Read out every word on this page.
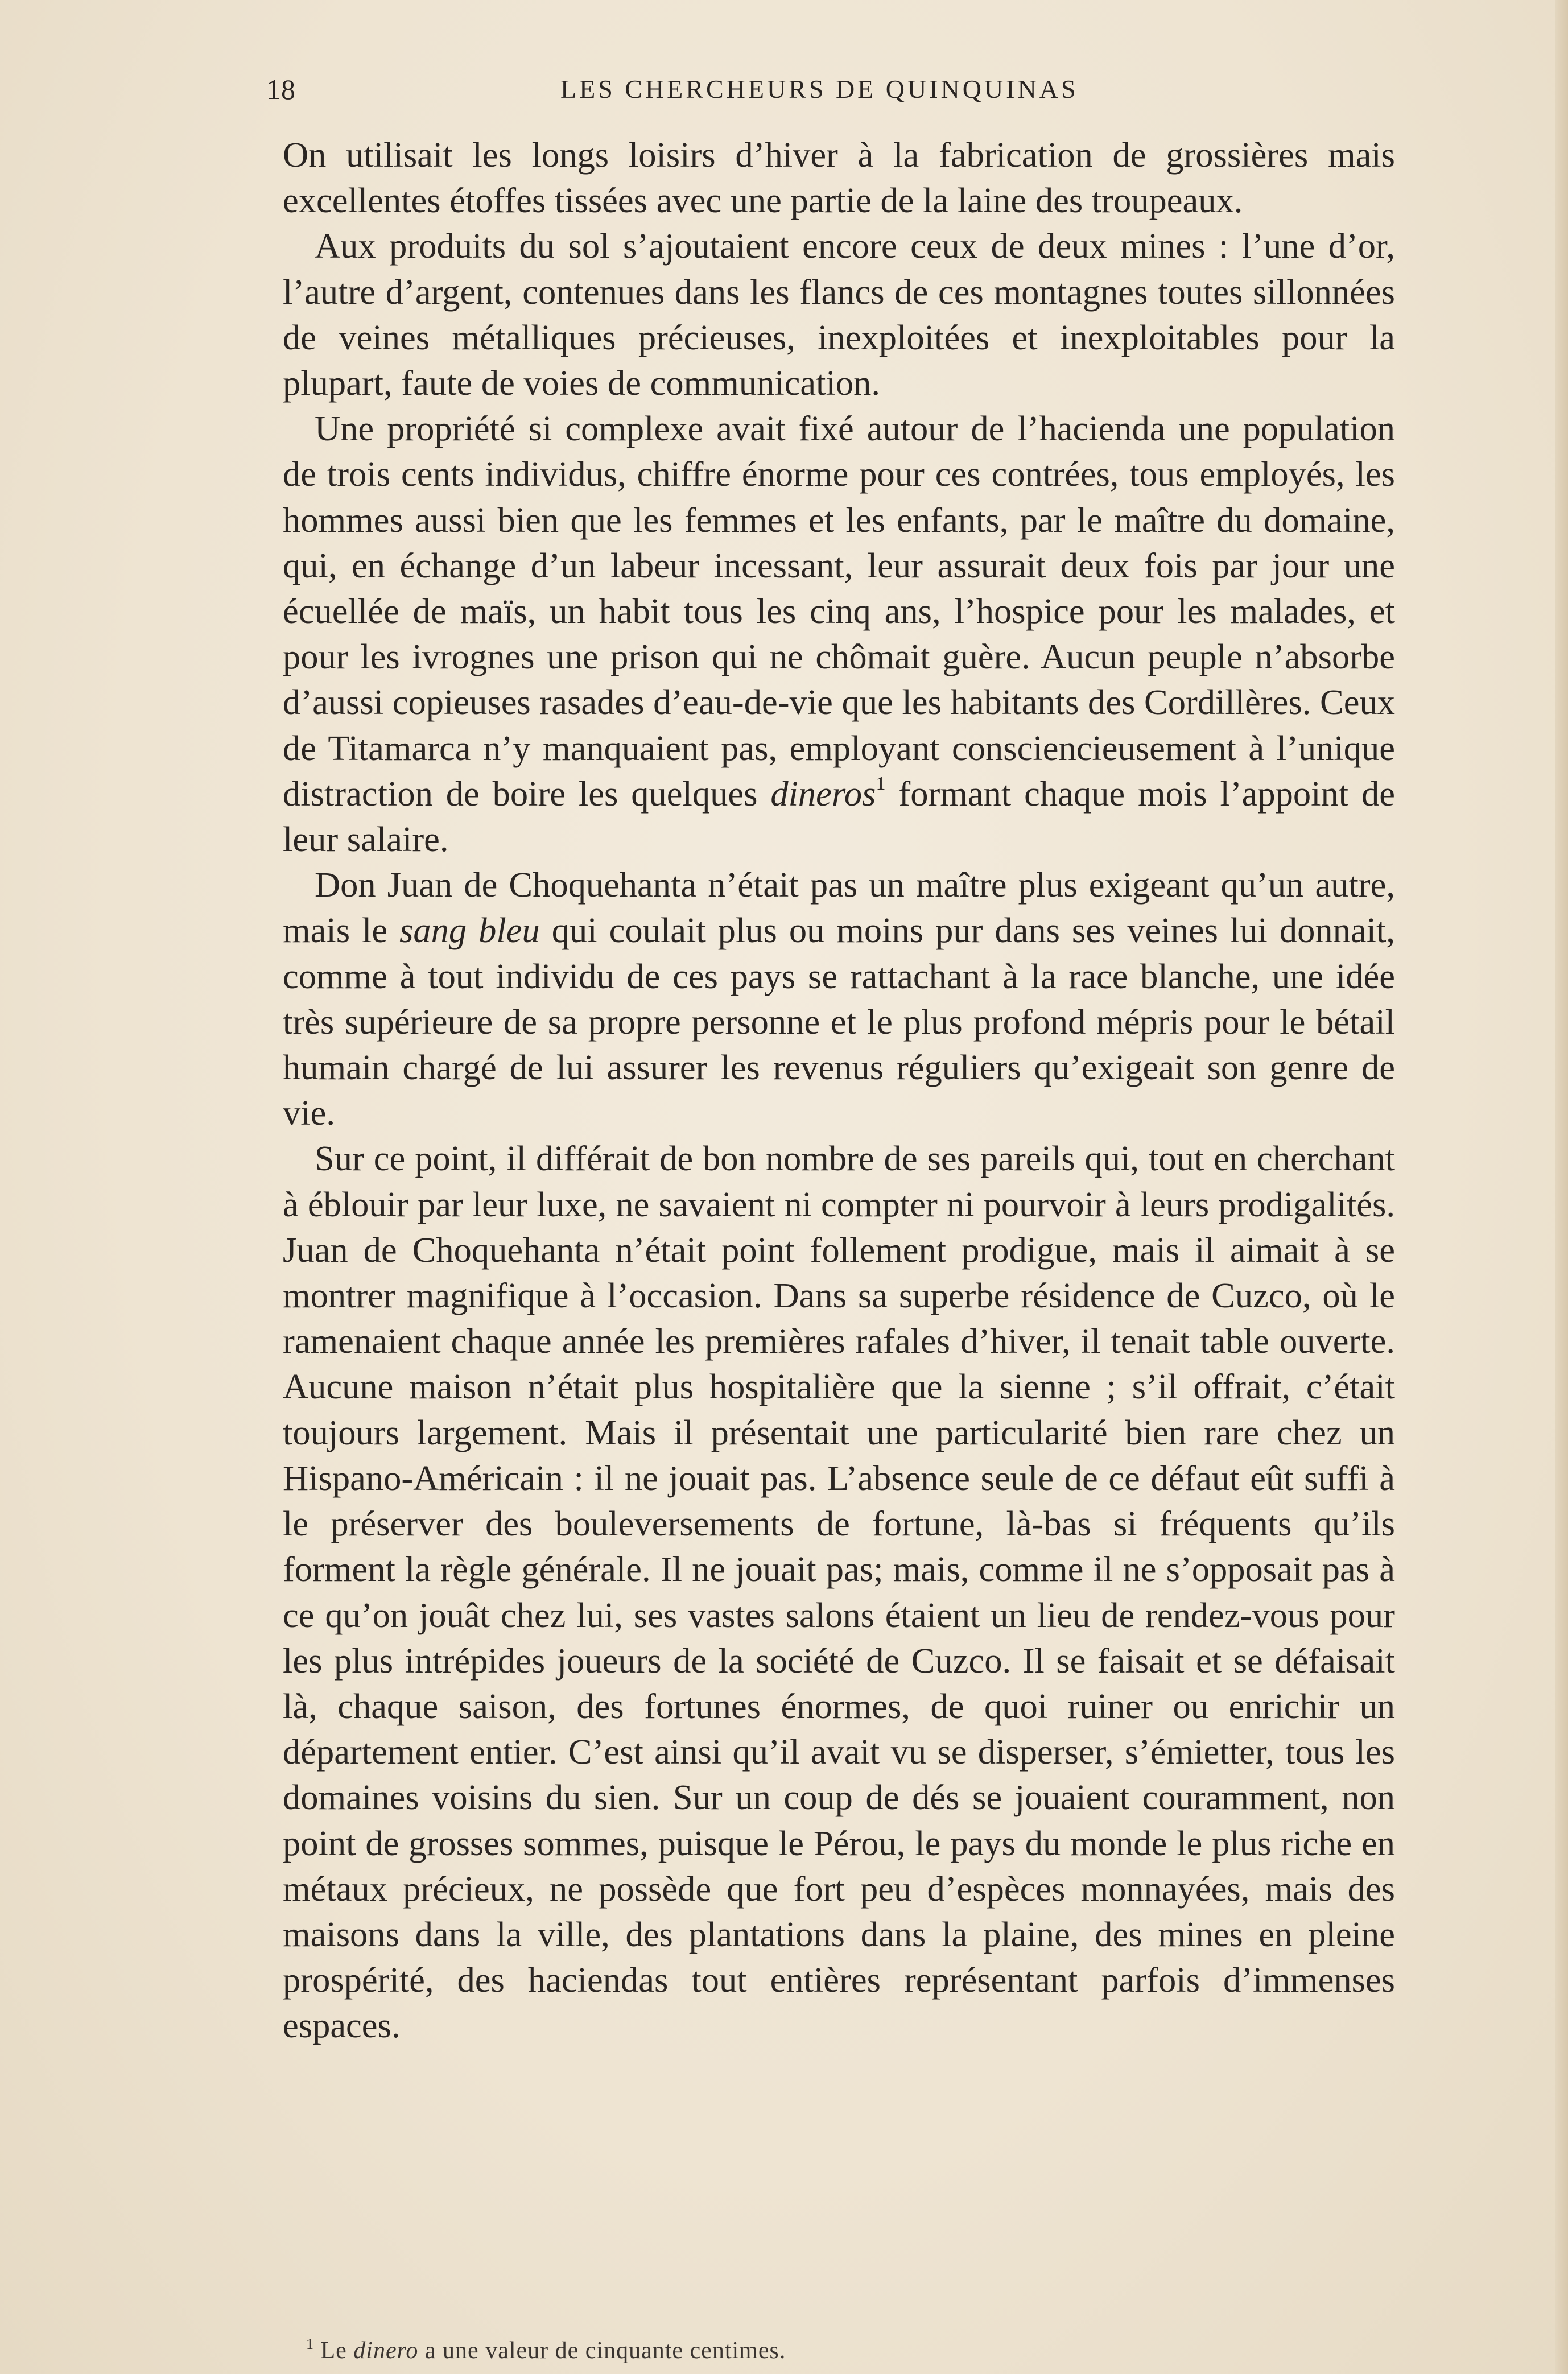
18	LES CHERCHEURS DE QUINQUINAS

On utilisait les longs loisirs d’hiver à la fabrication de grossières mais excellentes étoffes tissées avec une partie de la laine des troupeaux.

Aux produits du sol s’ajoutaient encore ceux de deux mines : l’une d’or, l’autre d’argent, contenues dans les flancs de ces montagnes toutes sillonnées de veines métalliques précieuses, inexploitées et inexploitables pour la plupart, faute de voies de communication.

Une propriété si complexe avait fixé autour de l’hacienda une population de trois cents individus, chiffre énorme pour ces contrées, tous employés, les hommes aussi bien que les femmes et les enfants, par le maître du domaine, qui, en échange d’un labeur incessant, leur assurait deux fois par jour une écuellée de maïs, un habit tous les cinq ans, l’hospice pour les malades, et pour les ivrognes une prison qui ne chômait guère. Aucun peuple n’absorbe d’aussi copieuses rasades d’eau-de-vie que les habitants des Cordillères. Ceux de Titamarca n’y manquaient pas, employant consciencieusement à l’unique distraction de boire les quelques dineros$^1$ formant chaque mois l’appoint de leur salaire.

Don Juan de Choquehanta n’était pas un maître plus exigeant qu’un autre, mais le sang bleu qui coulait plus ou moins pur dans ses veines lui donnait, comme à tout individu de ces pays se rattachant à la race blanche, une idée très supérieure de sa propre personne et le plus profond mépris pour le bétail humain chargé de lui assurer les revenus réguliers qu’exigeait son genre de vie.

Sur ce point, il différait de bon nombre de ses pareils qui, tout en cherchant à éblouir par leur luxe, ne savaient ni compter ni pourvoir à leurs prodigalités. Juan de Choquehanta n’était point follement prodigue, mais il aimait à se montrer magnifique à l’occasion. Dans sa superbe résidence de Cuzco, où le ramenaient chaque année les premières rafales d’hiver, il tenait table ouverte. Aucune maison n’était plus hospitalière que la sienne ; s’il offrait, c’était toujours largement. Mais il présentait une particularité bien rare chez un Hispano-Américain : il ne jouait pas. L’absence seule de ce défaut eût suffi à le préserver des bouleversements de fortune, là-bas si fréquents qu’ils forment la règle générale. Il ne jouait pas; mais, comme il ne s’opposait pas à ce qu’on jouât chez lui, ses vastes salons étaient un lieu de rendez-vous pour les plus intrépides joueurs de la société de Cuzco. Il se faisait et se défaisait là, chaque saison, des fortunes énormes, de quoi ruiner ou enrichir un département entier. C’est ainsi qu’il avait vu se disperser, s’émietter, tous les domaines voisins du sien. Sur un coup de dés se jouaient couramment, non point de grosses sommes, puisque le Pérou, le pays du monde le plus riche en métaux précieux, ne possède que fort peu d’espèces monnayées, mais des maisons dans la ville, des plantations dans la plaine, des mines en pleine prospérité, des haciendas tout entières représentant parfois d’immenses espaces.

$^1$ Le dinero a une valeur de cinquante centimes.
